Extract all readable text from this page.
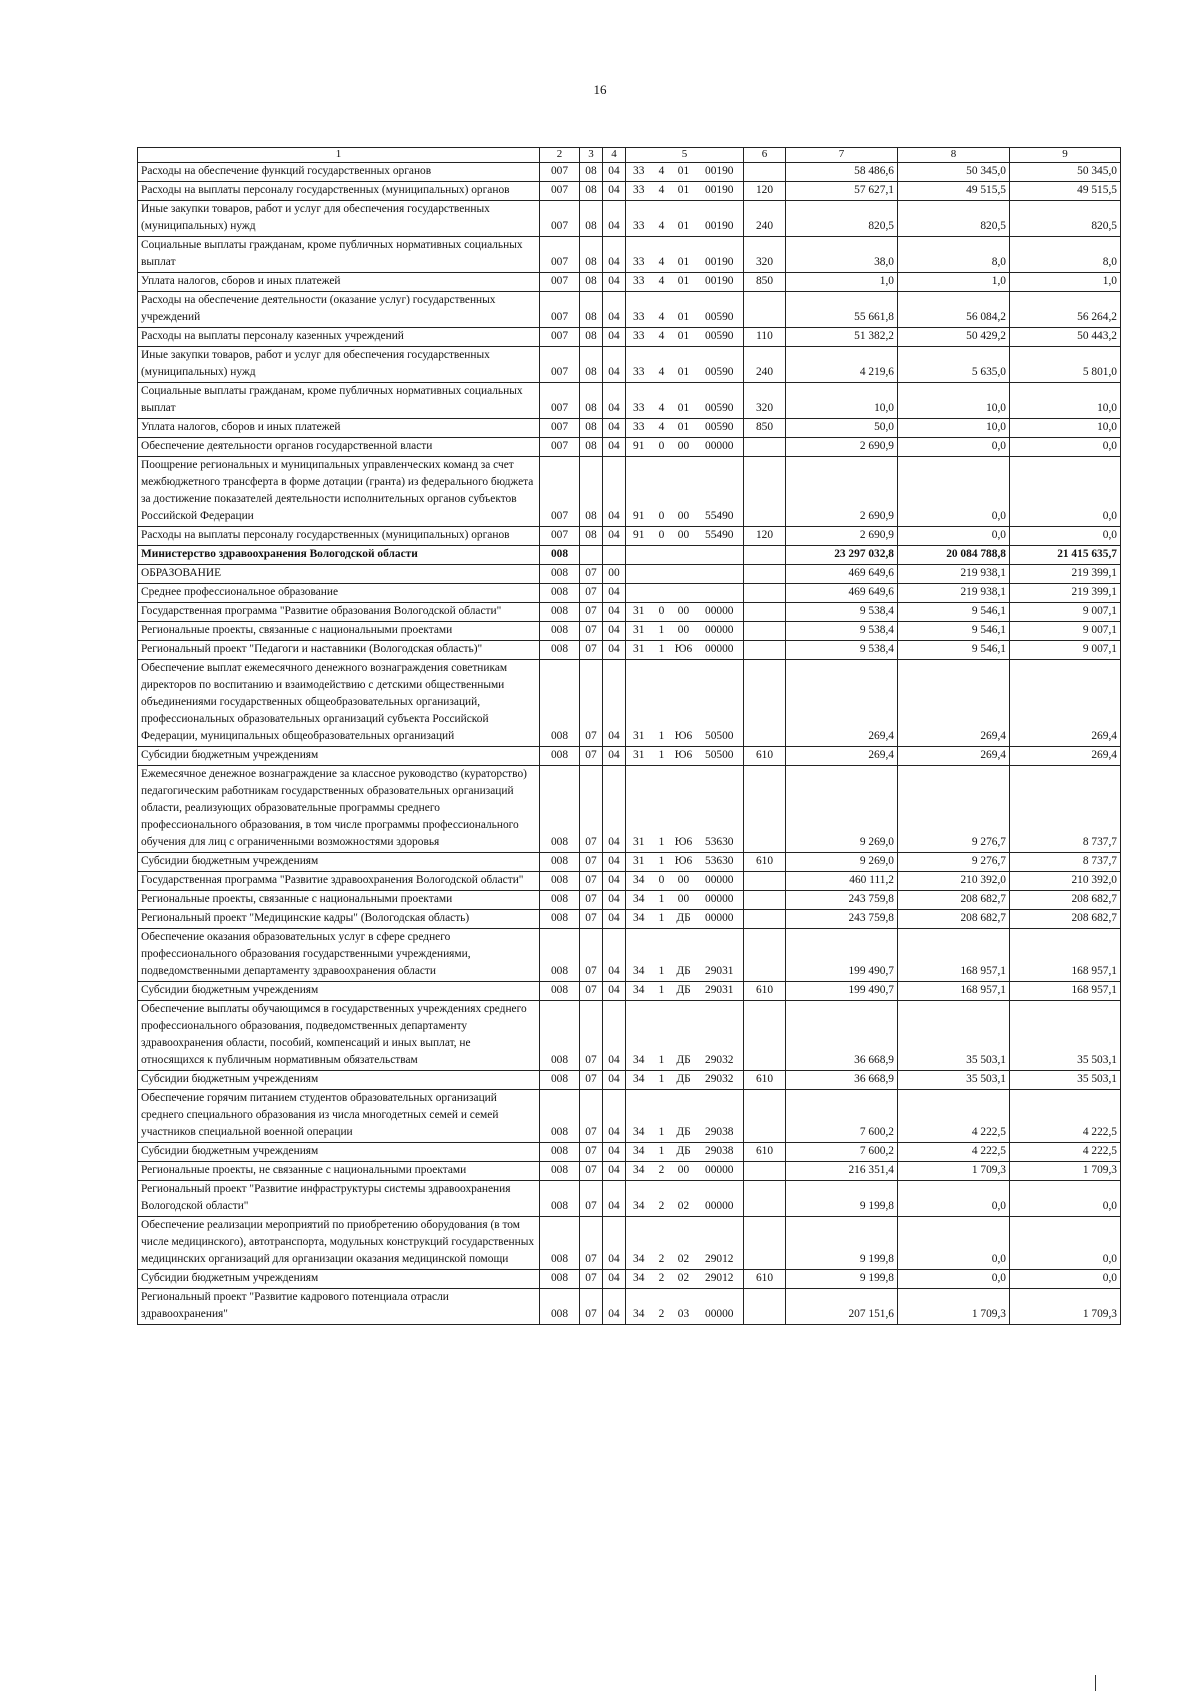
16
1	2	3	4	5				6	7	8	9
Расходы на обеспечение функций государственных органов	007	08	04	33	4	01	00190		58 486,6	50 345,0	50 345,0
Расходы на выплаты персоналу государственных (муниципальных) органов	007	08	04	33	4	01	00190	120	57 627,1	49 515,5	49 515,5
Иные закупки товаров, работ и услуг для обеспечения государственных (муниципальных) нужд	007	08	04	33	4	01	00190	240	820,5	820,5	820,5
Социальные выплаты гражданам, кроме публичных нормативных социальных выплат	007	08	04	33	4	01	00190	320	38,0	8,0	8,0
Уплата налогов, сборов и иных платежей	007	08	04	33	4	01	00190	850	1,0	1,0	1,0
Расходы на обеспечение деятельности (оказание услуг) государственных учреждений	007	08	04	33	4	01	00590		55 661,8	56 084,2	56 264,2
Расходы на выплаты персоналу казенных учреждений	007	08	04	33	4	01	00590	110	51 382,2	50 429,2	50 443,2
Иные закупки товаров, работ и услуг для обеспечения государственных (муниципальных) нужд	007	08	04	33	4	01	00590	240	4 219,6	5 635,0	5 801,0
Социальные выплаты гражданам, кроме публичных нормативных социальных выплат	007	08	04	33	4	01	00590	320	10,0	10,0	10,0
Уплата налогов, сборов и иных платежей	007	08	04	33	4	01	00590	850	50,0	10,0	10,0
Обеспечение деятельности органов государственной власти	007	08	04	91	0	00	00000		2 690,9	0,0	0,0
Поощрение региональных и муниципальных управленческих команд за счет межбюджетного трансферта в форме дотации (гранта) из федерального бюджета за достижение показателей деятельности исполнительных органов субъектов Российской Федерации	007	08	04	91	0	00	55490		2 690,9	0,0	0,0
Расходы на выплаты персоналу государственных (муниципальных) органов	007	08	04	91	0	00	55490	120	2 690,9	0,0	0,0
Министерство здравоохранения Вологодской области	008								23 297 032,8	20 084 788,8	21 415 635,7
ОБРАЗОВАНИЕ	008	07	00						469 649,6	219 938,1	219 399,1
Среднее профессиональное образование	008	07	04						469 649,6	219 938,1	219 399,1
Государственная программа "Развитие образования Вологодской области"	008	07	04	31	0	00	00000		9 538,4	9 546,1	9 007,1
Региональные проекты, связанные с национальными проектами	008	07	04	31	1	00	00000		9 538,4	9 546,1	9 007,1
Региональный проект "Педагоги и наставники (Вологодская область)"	008	07	04	31	1	Ю6	00000		9 538,4	9 546,1	9 007,1
Обеспечение выплат ежемесячного денежного вознаграждения советникам директоров по воспитанию и взаимодействию с детскими общественными объединениями государственных общеобразовательных организаций, профессиональных образовательных организаций субъекта Российской Федерации, муниципальных общеобразовательных организаций	008	07	04	31	1	Ю6	50500		269,4	269,4	269,4
Субсидии бюджетным учреждениям	008	07	04	31	1	Ю6	50500	610	269,4	269,4	269,4
Ежемесячное денежное вознаграждение за классное руководство (кураторство) педагогическим работникам государственных образовательных организаций области, реализующих образовательные программы среднего профессионального образования, в том числе программы профессионального обучения для лиц с ограниченными возможностями здоровья	008	07	04	31	1	Ю6	53630		9 269,0	9 276,7	8 737,7
Субсидии бюджетным учреждениям	008	07	04	31	1	Ю6	53630	610	9 269,0	9 276,7	8 737,7
Государственная программа "Развитие здравоохранения Вологодской области"	008	07	04	34	0	00	00000		460 111,2	210 392,0	210 392,0
Региональные проекты, связанные с национальными проектами	008	07	04	34	1	00	00000		243 759,8	208 682,7	208 682,7
Региональный проект "Медицинские кадры" (Вологодская область)	008	07	04	34	1	ДБ	00000		243 759,8	208 682,7	208 682,7
Обеспечение оказания образовательных услуг в сфере среднего профессионального образования государственными учреждениями, подведомственными департаменту здравоохранения области	008	07	04	34	1	ДБ	29031		199 490,7	168 957,1	168 957,1
Субсидии бюджетным учреждениям	008	07	04	34	1	ДБ	29031	610	199 490,7	168 957,1	168 957,1
Обеспечение выплаты обучающимся в государственных учреждениях среднего профессионального образования, подведомственных департаменту здравоохранения области, пособий, компенсаций и иных выплат, не относящихся к публичным нормативным обязательствам	008	07	04	34	1	ДБ	29032		36 668,9	35 503,1	35 503,1
Субсидии бюджетным учреждениям	008	07	04	34	1	ДБ	29032	610	36 668,9	35 503,1	35 503,1
Обеспечение горячим питанием студентов образовательных организаций среднего специального образования из числа многодетных семей и семей участников специальной военной операции	008	07	04	34	1	ДБ	29038		7 600,2	4 222,5	4 222,5
Субсидии бюджетным учреждениям	008	07	04	34	1	ДБ	29038	610	7 600,2	4 222,5	4 222,5
Региональные проекты, не связанные с национальными проектами	008	07	04	34	2	00	00000		216 351,4	1 709,3	1 709,3
Региональный проект "Развитие инфраструктуры системы здравоохранения Вологодской области"	008	07	04	34	2	02	00000		9 199,8	0,0	0,0
Обеспечение реализации мероприятий по приобретению оборудования (в том числе медицинского), автотранспорта, модульных конструкций государственных медицинских организаций для организации оказания медицинской помощи	008	07	04	34	2	02	29012		9 199,8	0,0	0,0
Субсидии бюджетным учреждениям	008	07	04	34	2	02	29012	610	9 199,8	0,0	0,0
Региональный проект "Развитие кадрового потенциала отрасли здравоохранения"	008	07	04	34	2	03	00000		207 151,6	1 709,3	1 709,3
